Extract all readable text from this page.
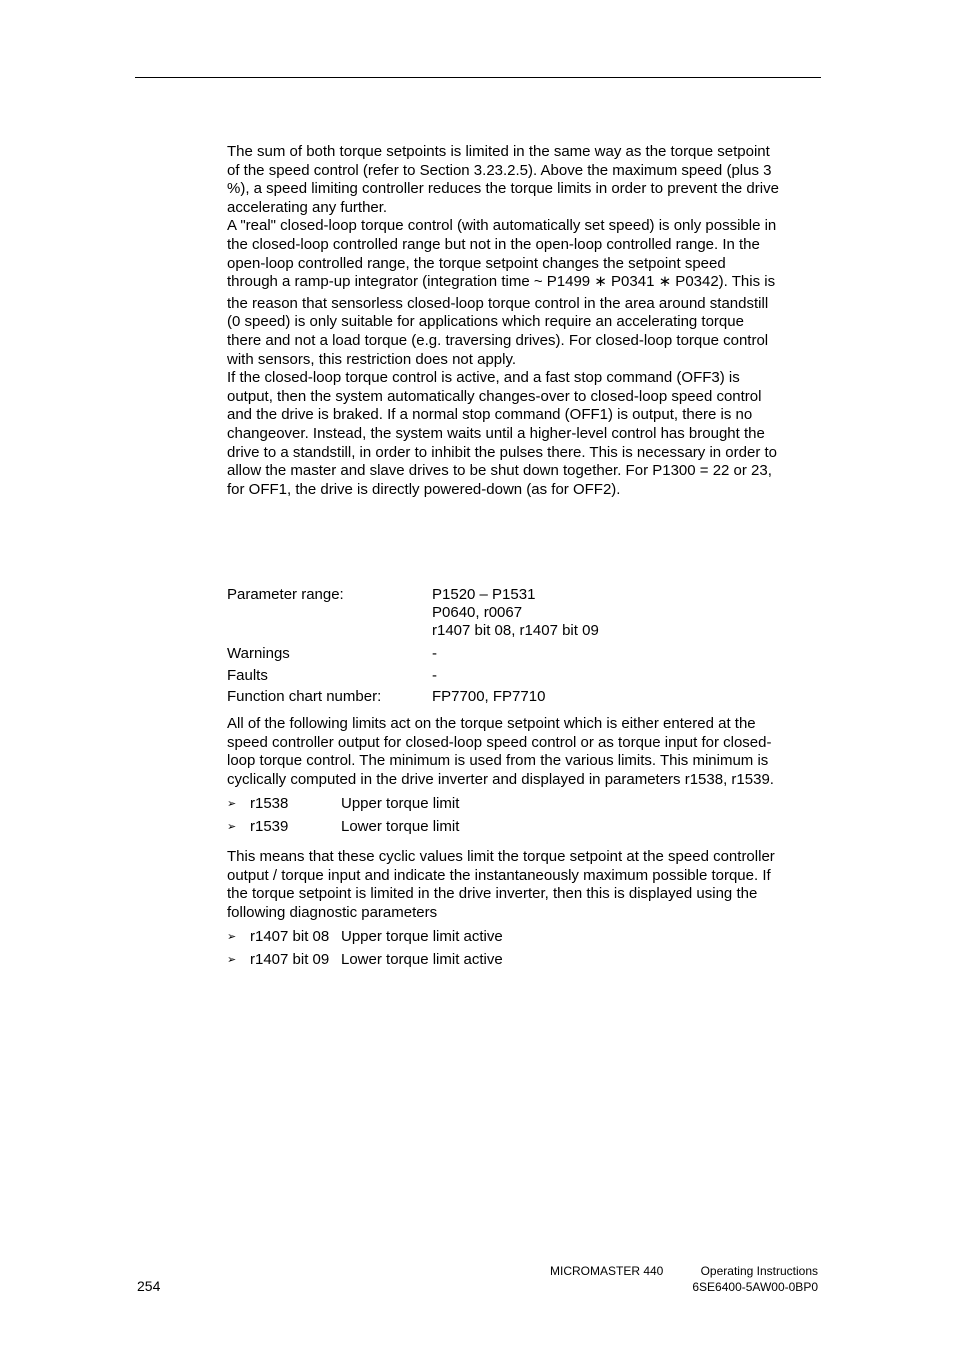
The sum of both torque setpoints is limited in the same way as the torque setpoint
of the speed control (refer to Section 3.23.2.5). Above the maximum speed (plus 3
%), a speed limiting controller reduces the torque limits in order to prevent the drive
accelerating any further.

A "real" closed-loop torque control (with automatically set speed) is only possible in
the closed-loop controlled range but not in the open-loop controlled range. In the
open-loop controlled range, the torque setpoint changes the setpoint speed
through a ramp-up integrator (integration time ~ P1499 ∗ P0341 ∗ P0342). This is
the reason that sensorless closed-loop torque control in the area around standstill
(0 speed) is only suitable for applications which require an accelerating torque
there and not a load torque (e.g. traversing drives). For closed-loop torque control
with sensors, this restriction does not apply.

If the closed-loop torque control is active, and a fast stop command (OFF3) is
output, then the system automatically changes-over to closed-loop speed control
and the drive is braked. If a normal stop command (OFF1) is output, there is no
changeover. Instead, the system waits until a higher-level control has brought the
drive to a standstill, in order to inhibit the pulses there. This is necessary in order to
allow the master and slave drives to be shut down together. For P1300 = 22 or 23,
for OFF1, the drive is directly powered-down (as for OFF2).

Parameter range:	P1520 – P1531
P0640, r0067
r1407 bit 08, r1407 bit 09
Warnings	-
Faults	-
Function chart number:	FP7700, FP7710

All of the following limits act on the torque setpoint which is either entered at the
speed controller output for closed-loop speed control or as torque input for closed-
loop torque control. The minimum is used from the various limits. This minimum is
cyclically computed in the drive inverter and displayed in parameters r1538, r1539.

➢ r1538	Upper torque limit
➢ r1539	Lower torque limit

This means that these cyclic values limit the torque setpoint at the speed controller
output / torque input and indicate the instantaneously maximum possible torque. If
the torque setpoint is limited in the drive inverter, then this is displayed using the
following diagnostic parameters

➢ r1407 bit 08 Upper torque limit active
➢ r1407 bit 09 Lower torque limit active
254
MICROMASTER 440	Operating Instructions
6SE6400-5AW00-0BP0
